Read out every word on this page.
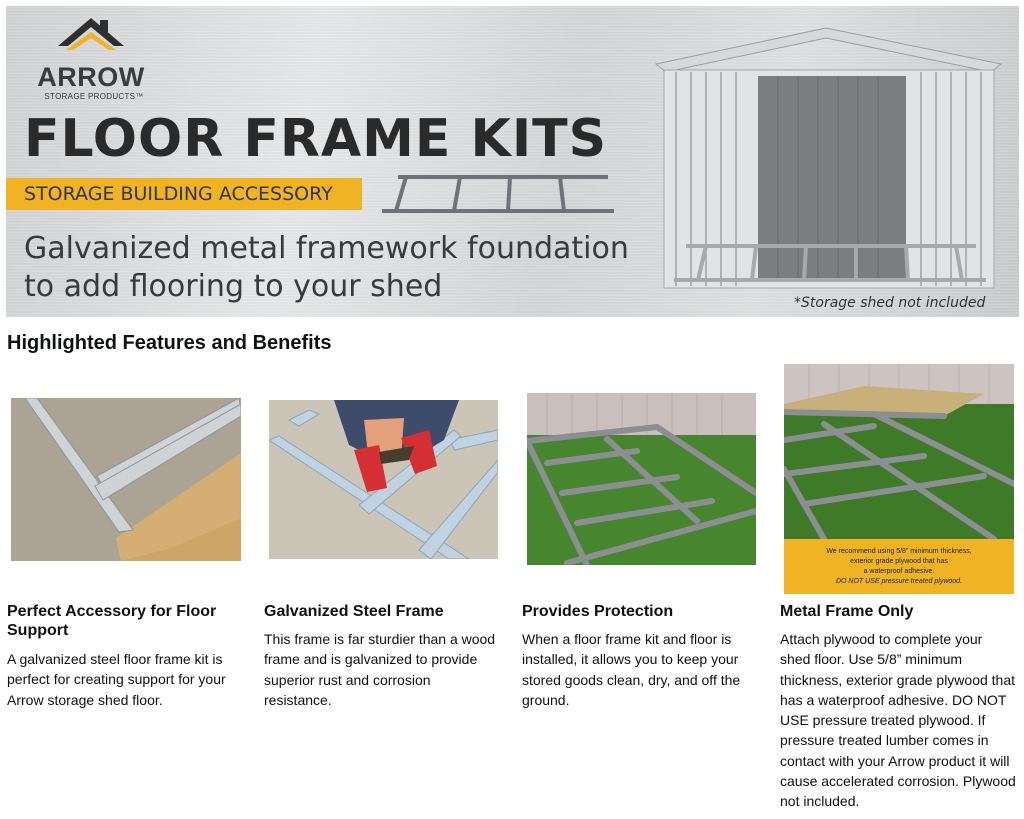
ARROW
STORAGE PRODUCTS™
FLOOR FRAME KITS
STORAGE BUILDING ACCESSORY
Galvanized metal framework foundation
to add flooring to your shed	*Storage shed not included
Highlighted Features and Benefits
Perfect Accessory for Floor Support
A galvanized steel floor frame kit is perfect for creating support for your Arrow storage shed floor.
Galvanized Steel Frame
This frame is far sturdier than a wood frame and is galvanized to provide superior rust and corrosion resistance.
Provides Protection
When a floor frame kit and floor is installed, it allows you to keep your stored goods clean, dry, and off the ground.
We recommend using 5/8” minimum thickness,
exterior grade plywood that has
a waterproof adhesive.
DO NOT USE pressure treated plywood.
Metal Frame Only
Attach plywood to complete your shed floor. Use 5/8” minimum thickness, exterior grade plywood that has a waterproof adhesive. DO NOT USE pressure treated plywood. If pressure treated lumber comes in contact with your Arrow product it will cause accelerated corrosion. Plywood not included.
